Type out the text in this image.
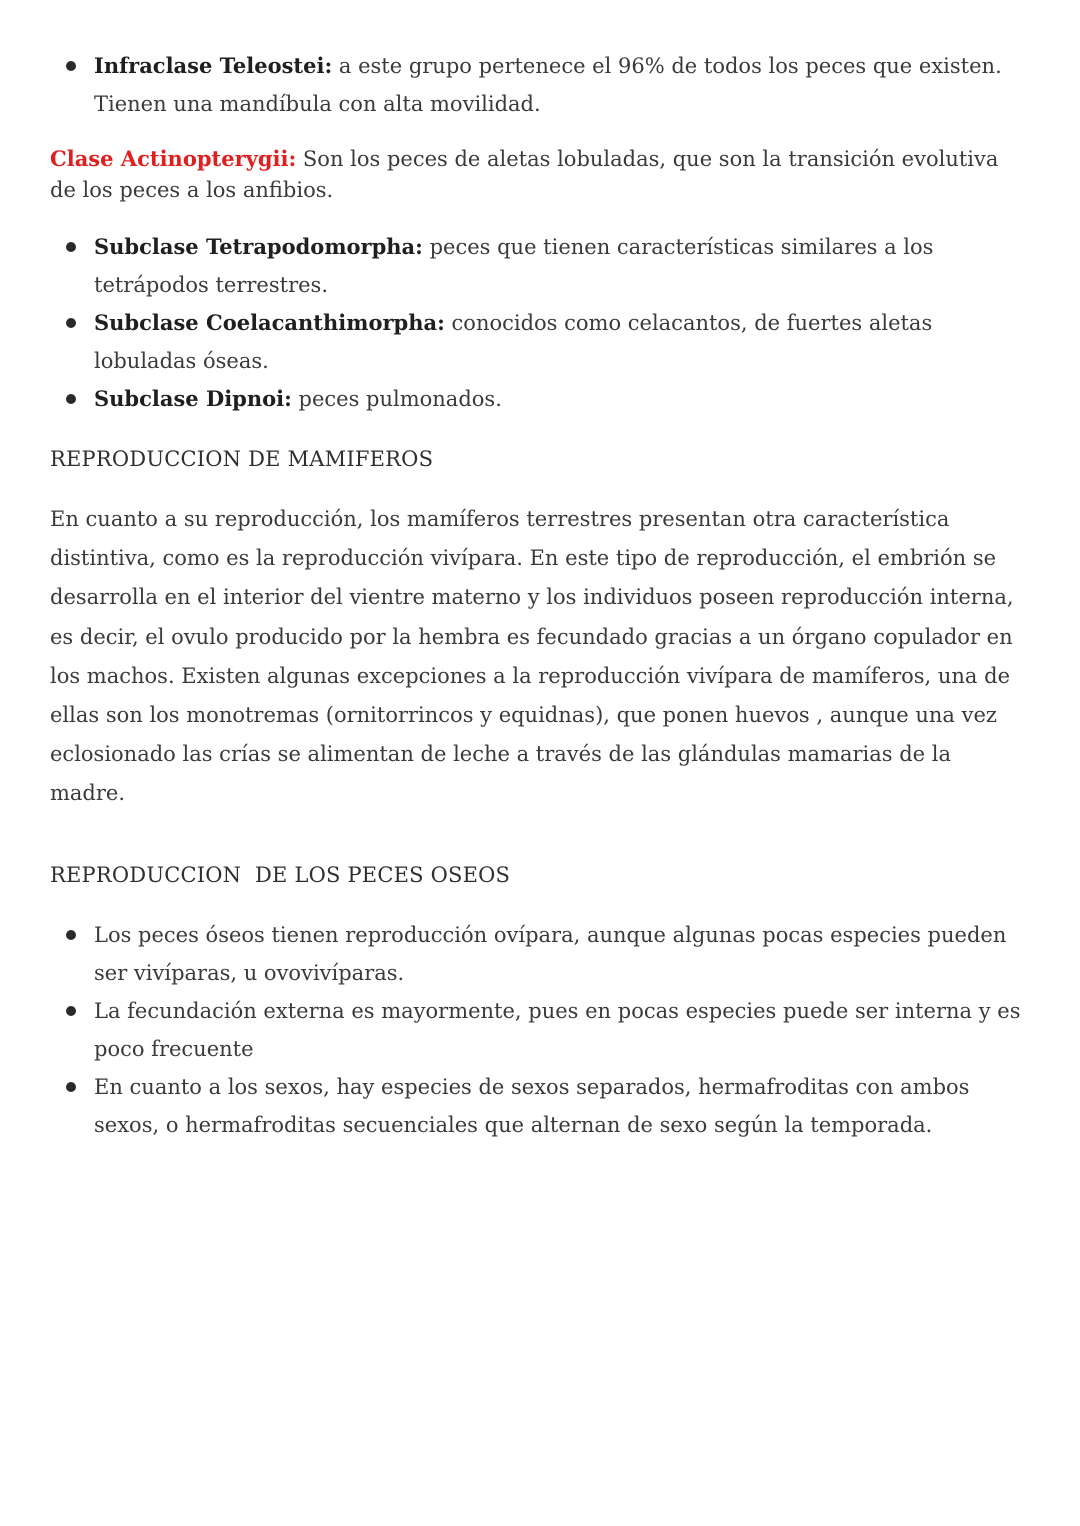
Infraclase Teleostei: a este grupo pertenece el 96% de todos los peces que existen. Tienen una mandíbula con alta movilidad.

Clase Actinopterygii: Son los peces de aletas lobuladas, que son la transición evolutiva de los peces a los anfibios.

Subclase Tetrapodomorpha: peces que tienen características similares a los tetrápodos terrestres.
Subclase Coelacanthimorpha: conocidos como celacantos, de fuertes aletas lobuladas óseas.
Subclase Dipnoi: peces pulmonados.
REPRODUCCION DE MAMIFEROS

En cuanto a su reproducción, los mamíferos terrestres presentan otra característica distintiva, como es la reproducción vivípara. En este tipo de reproducción, el embrión se desarrolla en el interior del vientre materno y los individuos poseen reproducción interna, es decir, el ovulo producido por la hembra es fecundado gracias a un órgano copulador en los machos. Existen algunas excepciones a la reproducción vivípara de mamíferos, una de ellas son los monotremas (ornitorrincos y equidnas), que ponen huevos , aunque una vez eclosionado las crías se alimentan de leche a través de las glándulas mamarias de la madre.

REPRODUCCION  DE LOS PECES OSEOS
Los peces óseos tienen reproducción ovípara, aunque algunas pocas especies pueden ser vivíparas, u ovovivíparas.
La fecundación externa es mayormente, pues en pocas especies puede ser interna y es poco frecuente
En cuanto a los sexos, hay especies de sexos separados, hermafroditas con ambos sexos, o hermafroditas secuenciales que alternan de sexo según la temporada.
